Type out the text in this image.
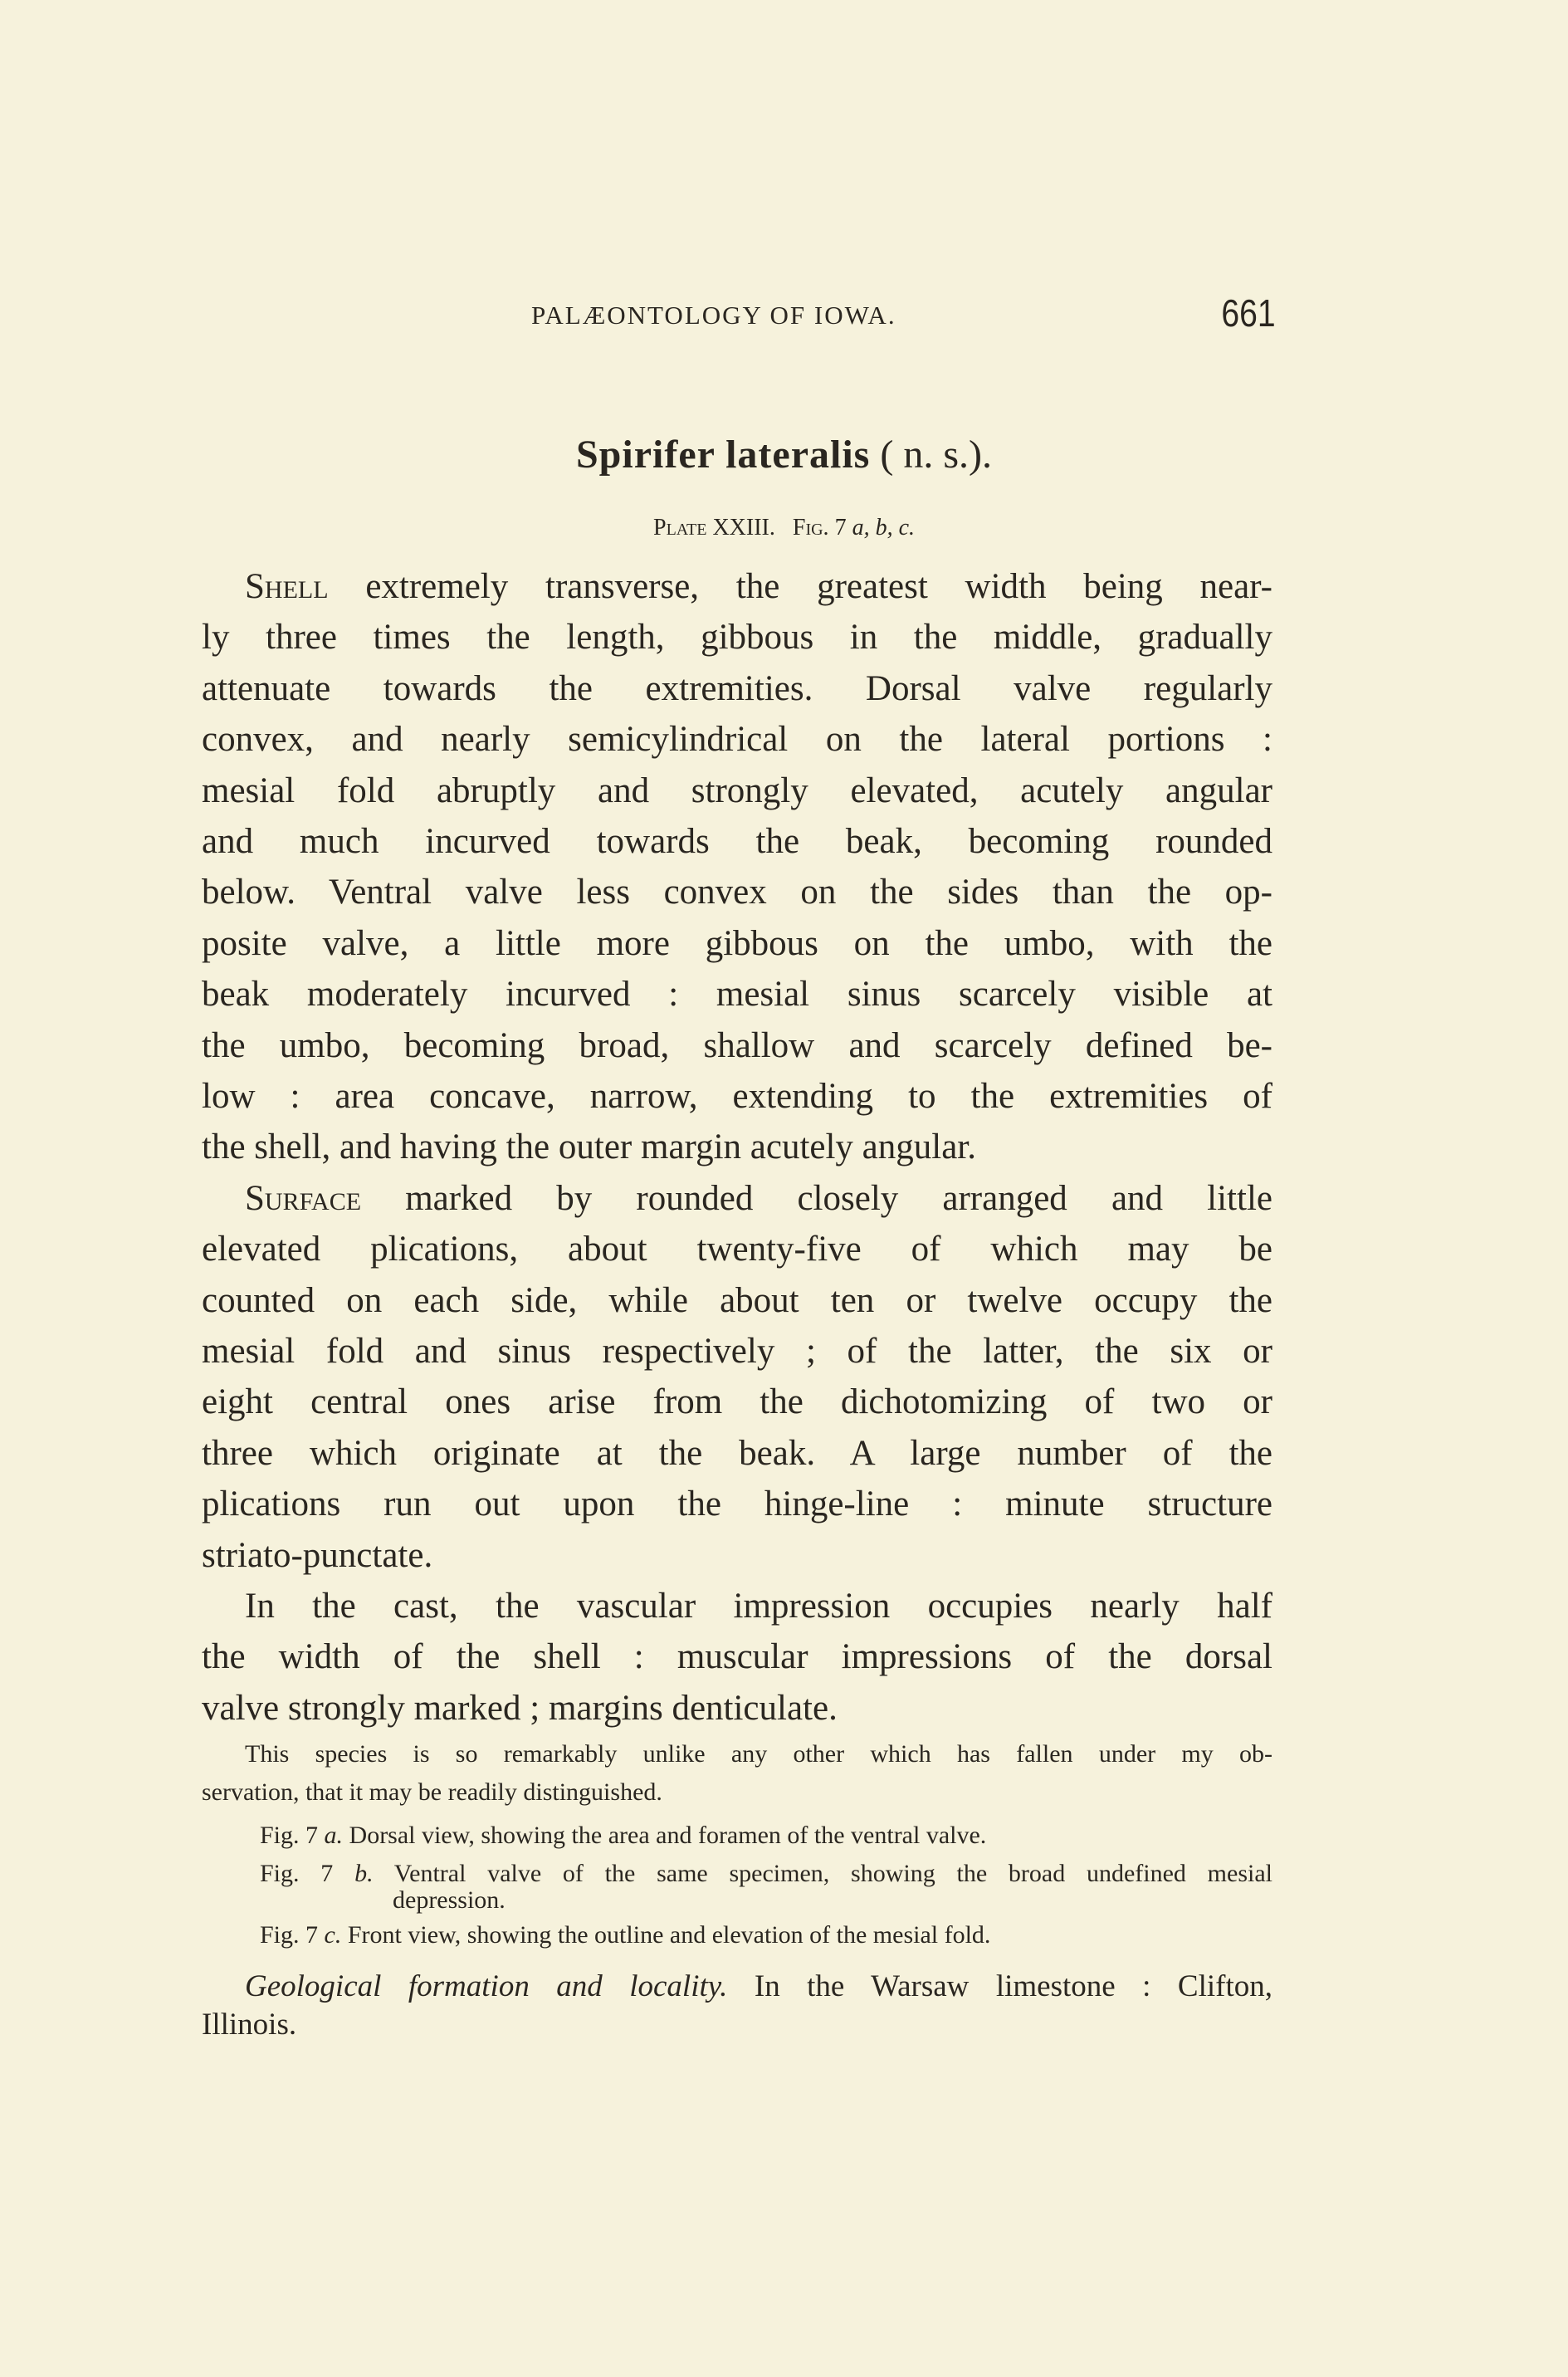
PALÆONTOLOGY OF IOWA.	661
Spirifer lateralis ( n. s.).
Plate XXIII. Fig. 7 a, b, c.
Shell extremely transverse, the greatest width being near-
ly three times the length, gibbous in the middle, gradually
attenuate towards the extremities. Dorsal valve regularly
convex, and nearly semicylindrical on the lateral portions :
mesial fold abruptly and strongly elevated, acutely angular
and much incurved towards the beak, becoming rounded
below. Ventral valve less convex on the sides than the op-
posite valve, a little more gibbous on the umbo, with the
beak moderately incurved : mesial sinus scarcely visible at
the umbo, becoming broad, shallow and scarcely defined be-
low : area concave, narrow, extending to the extremities of
the shell, and having the outer margin acutely angular.
Surface marked by rounded closely arranged and little
elevated plications, about twenty-five of which may be
counted on each side, while about ten or twelve occupy the
mesial fold and sinus respectively ; of the latter, the six or
eight central ones arise from the dichotomizing of two or
three which originate at the beak. A large number of the
plications run out upon the hinge-line : minute structure
striato-punctate.
In the cast, the vascular impression occupies nearly half
the width of the shell : muscular impressions of the dorsal
valve strongly marked ; margins denticulate.
This species is so remarkably unlike any other which has fallen under my ob-
servation, that it may be readily distinguished.
Fig. 7 a. Dorsal view, showing the area and foramen of the ventral valve.
Fig. 7 b. Ventral valve of the same specimen, showing the broad undefined mesial
depression.
Fig. 7 c. Front view, showing the outline and elevation of the mesial fold.
Geological formation and locality. In the Warsaw limestone : Clifton,
Illinois.
